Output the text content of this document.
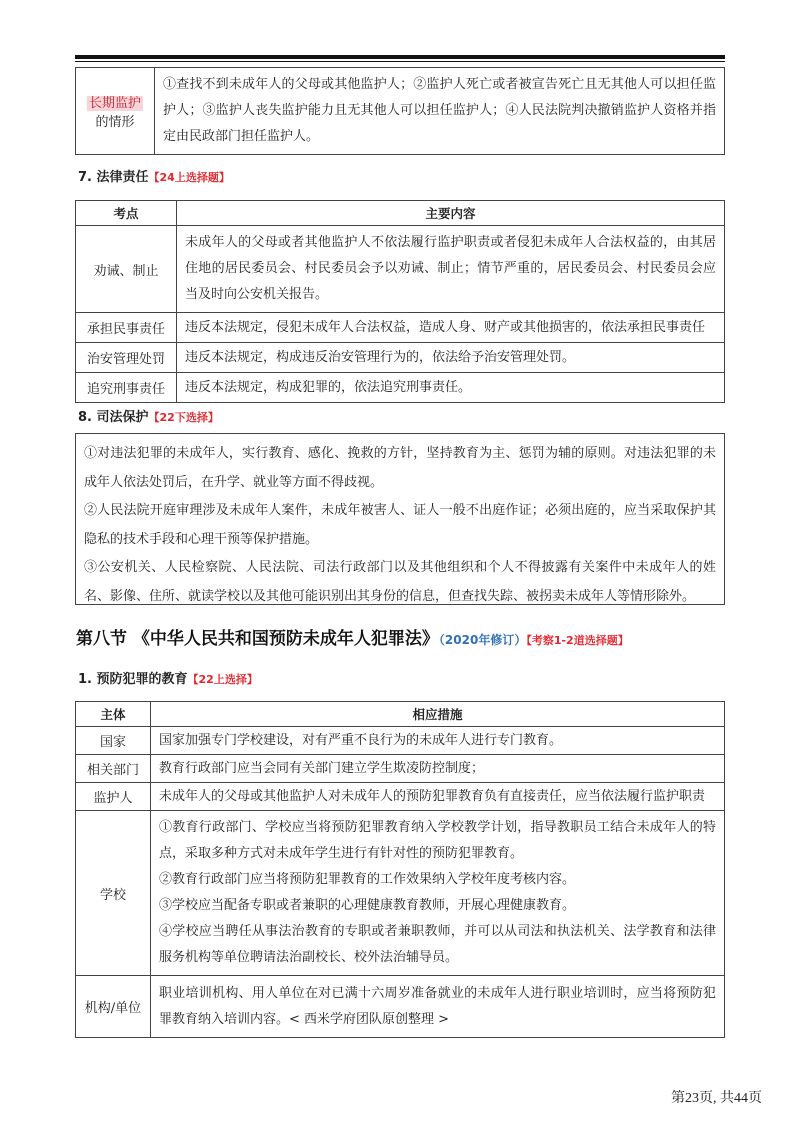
长期监护
的情形	①查找不到未成年人的父母或其他监护人；②监护人死亡或者被宣告死亡且无其他人可以担任监护人；③监护人丧失监护能力且无其他人可以担任监护人；④人民法院判决撤销监护人资格并指定由民政部门担任监护人。
7. 法律责任【24上选择题】
考点	主要内容
劝诫、制止	未成年人的父母或者其他监护人不依法履行监护职责或者侵犯未成年人合法权益的，由其居住地的居民委员会、村民委员会予以劝诫、制止；情节严重的，居民委员会、村民委员会应当及时向公安机关报告。
承担民事责任	违反本法规定，侵犯未成年人合法权益，造成人身、财产或其他损害的，依法承担民事责任
治安管理处罚	违反本法规定，构成违反治安管理行为的，依法给予治安管理处罚。
追究刑事责任	违反本法规定，构成犯罪的，依法追究刑事责任。
8. 司法保护【22下选择】

①对违法犯罪的未成年人，实行教育、感化、挽救的方针，坚持教育为主、惩罚为辅的原则。对违法犯罪的未成年人依法处罚后，在升学、就业等方面不得歧视。

②人民法院开庭审理涉及未成年人案件，未成年被害人、证人一般不出庭作证；必须出庭的，应当采取保护其隐私的技术手段和心理干预等保护措施。

③公安机关、人民检察院、人民法院、司法行政部门以及其他组织和个人不得披露有关案件中未成年人的姓名、影像、住所、就读学校以及其他可能识别出其身份的信息，但查找失踪、被拐卖未成年人等情形除外。

第八节 《中华人民共和国预防未成年人犯罪法》（2020年修订）【考察1-2道选择题】
1. 预防犯罪的教育【22上选择】
主体	相应措施
国家	国家加强专门学校建设，对有严重不良行为的未成年人进行专门教育。
相关部门	教育行政部门应当会同有关部门建立学生欺凌防控制度；
监护人	未成年人的父母或其他监护人对未成年人的预防犯罪教育负有直接责任，应当依法履行监护职责
学校	①教育行政部门、学校应当将预防犯罪教育纳入学校教学计划，指导教职员工结合未成年人的特点，采取多种方式对未成年学生进行有针对性的预防犯罪教育。

②教育行政部门应当将预防犯罪教育的工作效果纳入学校年度考核内容。

③学校应当配备专职或者兼职的心理健康教育教师，开展心理健康教育。

④学校应当聘任从事法治教育的专职或者兼职教师，并可以从司法和执法机关、法学教育和法律服务机构等单位聘请法治副校长、校外法治辅导员。

机构/单位	职业培训机构、用人单位在对已满十六周岁准备就业的未成年人进行职业培训时，应当将预防犯罪教育纳入培训内容。< 西米学府团队原创整理 >
第23页, 共44页
